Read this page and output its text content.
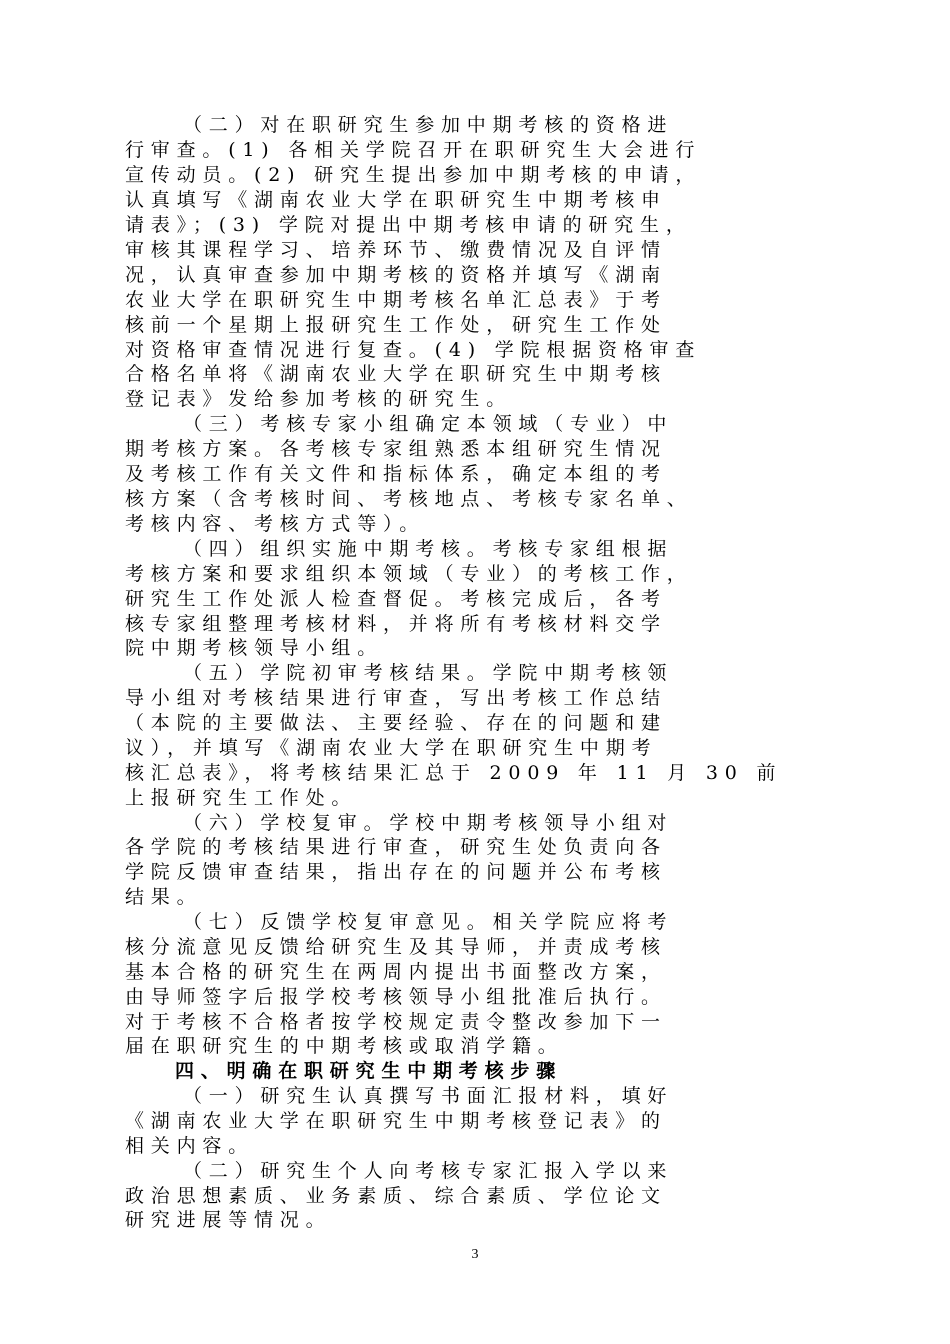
（二）对在职研究生参加中期考核的资格进
行审查。(1) 各相关学院召开在职研究生大会进行
宣传动员。(2) 研究生提出参加中期考核的申请，
认真填写《湖南农业大学在职研究生中期考核申
请表》；(3) 学院对提出中期考核申请的研究生，
审核其课程学习、培养环节、缴费情况及自评情
况，认真审查参加中期考核的资格并填写《湖南
农业大学在职研究生中期考核名单汇总表》于考
核前一个星期上报研究生工作处，研究生工作处
对资格审查情况进行复查。(4) 学院根据资格审查
合格名单将《湖南农业大学在职研究生中期考核
登记表》发给参加考核的研究生。
（三）考核专家小组确定本领域（专业）中
期考核方案。各考核专家组熟悉本组研究生情况
及考核工作有关文件和指标体系，确定本组的考
核方案（含考核时间、考核地点、考核专家名单、
考核内容、考核方式等）。
（四）组织实施中期考核。考核专家组根据
考核方案和要求组织本领域（专业）的考核工作，
研究生工作处派人检查督促。考核完成后，各考
核专家组整理考核材料，并将所有考核材料交学
院中期考核领导小组。
（五）学院初审考核结果。学院中期考核领
导小组对考核结果进行审查，写出考核工作总结
（本院的主要做法、主要经验、存在的问题和建
议），并填写《湖南农业大学在职研究生中期考
核汇总表》，将考核结果汇总于 2009 年 11 月 30 前
上报研究生工作处。
（六）学校复审。学校中期考核领导小组对
各学院的考核结果进行审查，研究生处负责向各
学院反馈审查结果，指出存在的问题并公布考核
结果。
（七）反馈学校复审意见。相关学院应将考
核分流意见反馈给研究生及其导师，并责成考核
基本合格的研究生在两周内提出书面整改方案，
由导师签字后报学校考核领导小组批准后执行。
对于考核不合格者按学校规定责令整改参加下一
届在职研究生的中期考核或取消学籍。
四、明确在职研究生中期考核步骤
（一）研究生认真撰写书面汇报材料，填好
《湖南农业大学在职研究生中期考核登记表》的
相关内容。
（二）研究生个人向考核专家汇报入学以来
政治思想素质、业务素质、综合素质、学位论文
研究进展等情况。
3
